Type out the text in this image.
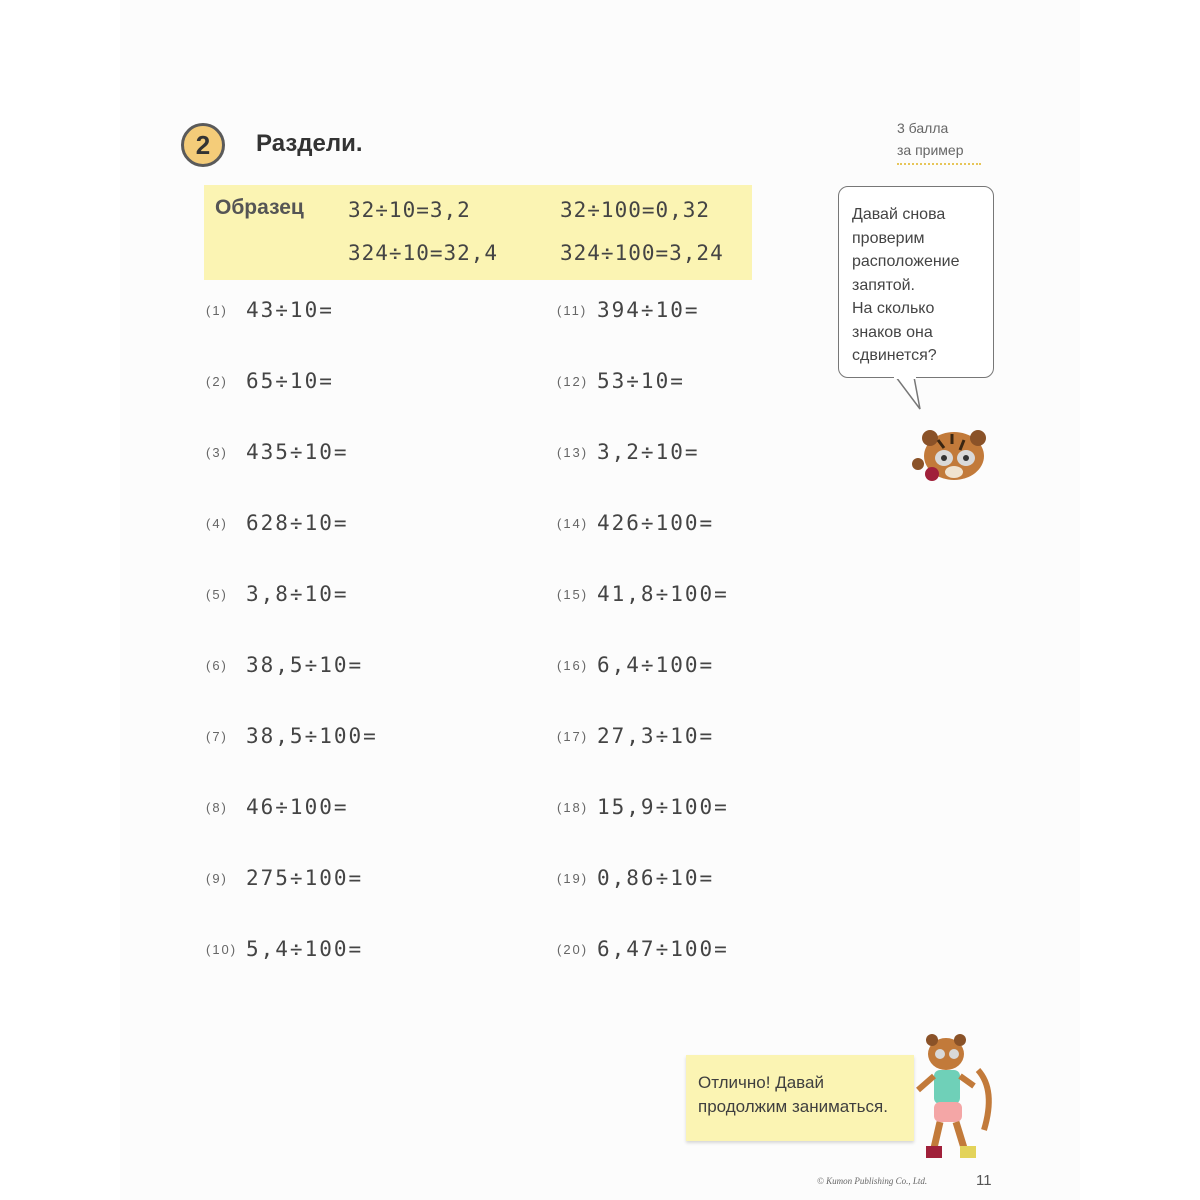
2	Раздели.
3 балла
за пример
Образец 32÷10=3,2	32÷100=0,32
324÷10=32,4	324÷100=3,24
(1) 43÷10=
(2) 65÷10=
(3) 435÷10=
(4) 628÷10=
(5) 3,8÷10=
(6) 38,5÷10=
(7) 38,5÷100=
(8) 46÷100=
(9) 275÷100=
(10) 5,4÷100=
(11) 394÷10=
(12) 53÷10=
(13) 3,2÷10=
(14) 426÷100=
(15) 41,8÷100=
(16) 6,4÷100=
(17) 27,3÷10=
(18) 15,9÷100=
(19) 0,86÷10=
(20) 6,47÷100=
Давай снова
проверим
расположение
запятой.
На сколько
знаков она
сдвинется?
Отлично! Давай
продолжим заниматься.
© Kumon Publishing Co., Ltd.	11
